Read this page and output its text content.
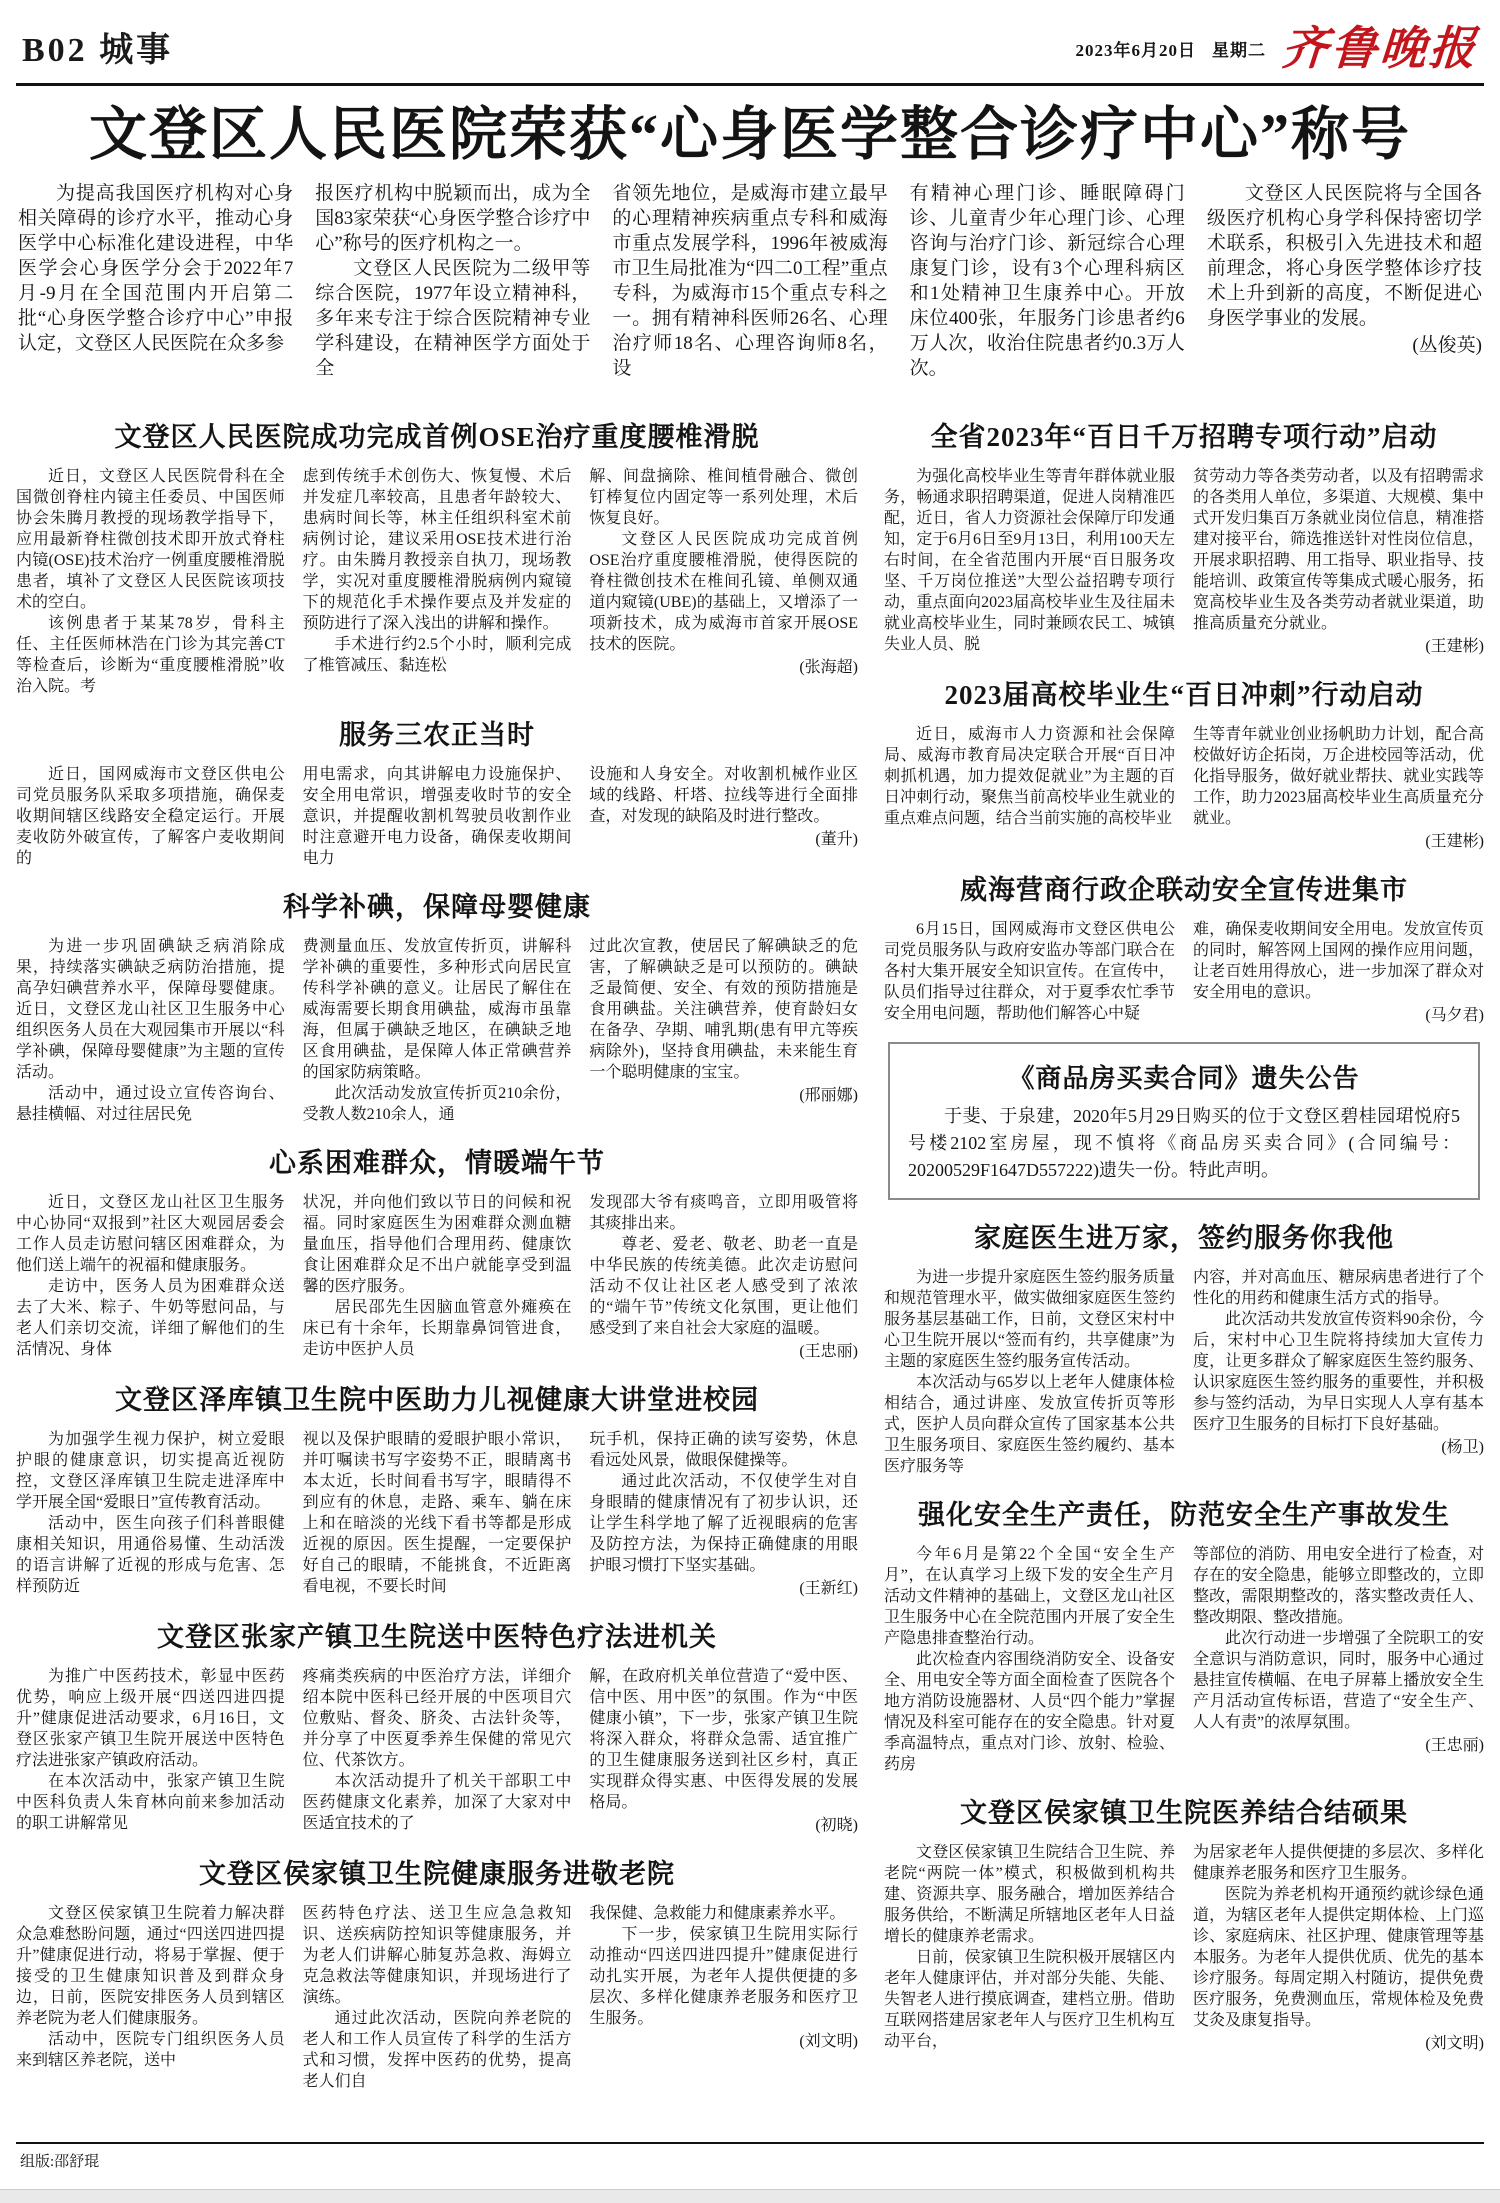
B02 城事	2023年6月20日 星期二 齐鲁晚报
文登区人民医院荣获“心身医学整合诊疗中心”称号

为提高我国医疗机构对心身相关障碍的诊疗水平，推动心身医学中心标准化建设进程，中华医学会心身医学分会于2022年7月-9月在全国范围内开启第二批“心身医学整合诊疗中心”申报认定，文登区人民医院在众多参

报医疗机构中脱颖而出，成为全国83家荣获“心身医学整合诊疗中心”称号的医疗机构之一。

文登区人民医院为二级甲等综合医院，1977年设立精神科，多年来专注于综合医院精神专业学科建设，在精神医学方面处于全

省领先地位，是威海市建立最早的心理精神疾病重点专科和威海市重点发展学科，1996年被威海市卫生局批准为“四二0工程”重点专科，为威海市15个重点专科之一。拥有精神科医师26名、心理治疗师18名、心理咨询师8名，设

有精神心理门诊、睡眠障碍门诊、儿童青少年心理门诊、心理咨询与治疗门诊、新冠综合心理康复门诊，设有3个心理科病区和1处精神卫生康养中心。开放床位400张，年服务门诊患者约6万人次，收治住院患者约0.3万人次。

文登区人民医院将与全国各级医疗机构心身学科保持密切学术联系，积极引入先进技术和超前理念，将心身医学整体诊疗技术上升到新的高度，不断促进心身医学事业的发展。

(丛俊英)
文登区人民医院成功完成首例OSE治疗重度腰椎滑脱

近日，文登区人民医院骨科在全国微创脊柱内镜主任委员、中国医师协会朱腾月教授的现场教学指导下，应用最新脊柱微创技术即开放式脊柱内镜(OSE)技术治疗一例重度腰椎滑脱患者，填补了文登区人民医院该项技术的空白。

该例患者于某某78岁，骨科主任、主任医师林浩在门诊为其完善CT等检查后，诊断为“重度腰椎滑脱”收治入院。考

虑到传统手术创伤大、恢复慢、术后并发症几率较高，且患者年龄较大、患病时间长等，林主任组织科室术前病例讨论，建议采用OSE技术进行治疗。由朱腾月教授亲自执刀，现场教学，实况对重度腰椎滑脱病例内窥镜下的规范化手术操作要点及并发症的预防进行了深入浅出的讲解和操作。

手术进行约2.5个小时，顺利完成了椎管减压、黏连松

解、间盘摘除、椎间植骨融合、微创钉棒复位内固定等一系列处理，术后恢复良好。

文登区人民医院成功完成首例OSE治疗重度腰椎滑脱，使得医院的脊柱微创技术在椎间孔镜、单侧双通道内窥镜(UBE)的基础上，又增添了一项新技术，成为威海市首家开展OSE技术的医院。

(张海超)
服务三农正当时

近日，国网威海市文登区供电公司党员服务队采取多项措施，确保麦收期间辖区线路安全稳定运行。开展麦收防外破宣传，了解客户麦收期间的

用电需求，向其讲解电力设施保护、安全用电常识，增强麦收时节的安全意识，并提醒收割机驾驶员收割作业时注意避开电力设备，确保麦收期间电力

设施和人身安全。对收割机械作业区域的线路、杆塔、拉线等进行全面排查，对发现的缺陷及时进行整改。

(董升)
科学补碘，保障母婴健康

为进一步巩固碘缺乏病消除成果，持续落实碘缺乏病防治措施，提高孕妇碘营养水平，保障母婴健康。近日，文登区龙山社区卫生服务中心组织医务人员在大观园集市开展以“科学补碘，保障母婴健康”为主题的宣传活动。

活动中，通过设立宣传咨询台、悬挂横幅、对过往居民免

费测量血压、发放宣传折页，讲解科学补碘的重要性，多种形式向居民宣传科学补碘的意义。让居民了解住在威海需要长期食用碘盐，威海市虽靠海，但属于碘缺乏地区，在碘缺乏地区食用碘盐，是保障人体正常碘营养的国家防病策略。

此次活动发放宣传折页210余份，受教人数210余人，通

过此次宣教，使居民了解碘缺乏的危害，了解碘缺乏是可以预防的。碘缺乏最简便、安全、有效的预防措施是食用碘盐。关注碘营养，使育龄妇女在备孕、孕期、哺乳期(患有甲亢等疾病除外)，坚持食用碘盐，未来能生育一个聪明健康的宝宝。

(邢丽娜)
心系困难群众，情暖端午节

近日，文登区龙山社区卫生服务中心协同“双报到”社区大观园居委会工作人员走访慰问辖区困难群众，为他们送上端午的祝福和健康服务。

走访中，医务人员为困难群众送去了大米、粽子、牛奶等慰问品，与老人们亲切交流，详细了解他们的生活情况、身体

状况，并向他们致以节日的问候和祝福。同时家庭医生为困难群众测血糖量血压，指导他们合理用药、健康饮食让困难群众足不出户就能享受到温馨的医疗服务。

居民邵先生因脑血管意外瘫痪在床已有十余年，长期靠鼻饲管进食，走访中医护人员

发现邵大爷有痰鸣音，立即用吸管将其痰排出来。

尊老、爱老、敬老、助老一直是中华民族的传统美德。此次走访慰问活动不仅让社区老人感受到了浓浓的“端午节”传统文化氛围，更让他们感受到了来自社会大家庭的温暖。

(王忠丽)
文登区泽库镇卫生院中医助力儿视健康大讲堂进校园

为加强学生视力保护，树立爱眼护眼的健康意识，切实提高近视防控，文登区泽库镇卫生院走进泽库中学开展全国“爱眼日”宣传教育活动。

活动中，医生向孩子们科普眼健康相关知识，用通俗易懂、生动活泼的语言讲解了近视的形成与危害、怎样预防近

视以及保护眼睛的爱眼护眼小常识，并叮嘱读书写字姿势不正，眼睛离书本太近，长时间看书写字，眼睛得不到应有的休息，走路、乘车、躺在床上和在暗淡的光线下看书等都是形成近视的原因。医生提醒，一定要保护好自己的眼睛，不能挑食，不近距离看电视，不要长时间

玩手机，保持正确的读写姿势，休息看远处风景，做眼保健操等。

通过此次活动，不仅使学生对自身眼睛的健康情况有了初步认识，还让学生科学地了解了近视眼病的危害及防控方法，为保持正确健康的用眼护眼习惯打下坚实基础。

(王新红)
文登区张家产镇卫生院送中医特色疗法进机关

为推广中医药技术，彰显中医药优势，响应上级开展“四送四进四提升”健康促进活动要求，6月16日，文登区张家产镇卫生院开展送中医特色疗法进张家产镇政府活动。

在本次活动中，张家产镇卫生院中医科负责人朱育林向前来参加活动的职工讲解常见

疼痛类疾病的中医治疗方法，详细介绍本院中医科已经开展的中医项目穴位敷贴、督灸、脐灸、古法针灸等，并分享了中医夏季养生保健的常见穴位、代茶饮方。

本次活动提升了机关干部职工中医药健康文化素养，加深了大家对中医适宜技术的了

解，在政府机关单位营造了“爱中医、信中医、用中医”的氛围。作为“中医健康小镇”，下一步，张家产镇卫生院将深入群众，将群众急需、适宜推广的卫生健康服务送到社区乡村，真正实现群众得实惠、中医得发展的发展格局。

(初晓)
文登区侯家镇卫生院健康服务进敬老院

文登区侯家镇卫生院着力解决群众急难愁盼问题，通过“四送四进四提升”健康促进行动，将易于掌握、便于接受的卫生健康知识普及到群众身边，日前，医院安排医务人员到辖区养老院为老人们健康服务。

活动中，医院专门组织医务人员来到辖区养老院，送中

医药特色疗法、送卫生应急急救知识、送疾病防控知识等健康服务，并为老人们讲解心肺复苏急救、海姆立克急救法等健康知识，并现场进行了演练。

通过此次活动，医院向养老院的老人和工作人员宣传了科学的生活方式和习惯，发挥中医药的优势，提高老人们自

我保健、急救能力和健康素养水平。

下一步，侯家镇卫生院用实际行动推动“四送四进四提升”健康促进行动扎实开展，为老年人提供便捷的多层次、多样化健康养老服务和医疗卫生服务。

(刘文明)
全省2023年“百日千万招聘专项行动”启动

为强化高校毕业生等青年群体就业服务，畅通求职招聘渠道，促进人岗精准匹配，近日，省人力资源社会保障厅印发通知，定于6月6日至9月13日，利用100天左右时间，在全省范围内开展“百日服务攻坚、千万岗位推送”大型公益招聘专项行动，重点面向2023届高校毕业生及往届未就业高校毕业生，同时兼顾农民工、城镇失业人员、脱

贫劳动力等各类劳动者，以及有招聘需求的各类用人单位，多渠道、大规模、集中式开发归集百万条就业岗位信息，精准搭建对接平台，筛选推送针对性岗位信息，开展求职招聘、用工指导、职业指导、技能培训、政策宣传等集成式暖心服务，拓宽高校毕业生及各类劳动者就业渠道，助推高质量充分就业。

(王建彬)
2023届高校毕业生“百日冲刺”行动启动

近日，威海市人力资源和社会保障局、威海市教育局决定联合开展“百日冲刺抓机遇，加力提效促就业”为主题的百日冲刺行动，聚焦当前高校毕业生就业的重点难点问题，结合当前实施的高校毕业

生等青年就业创业扬帆助力计划，配合高校做好访企拓岗，万企进校园等活动，优化指导服务，做好就业帮扶、就业实践等工作，助力2023届高校毕业生高质量充分就业。

(王建彬)
威海营商行政企联动安全宣传进集市

6月15日，国网威海市文登区供电公司党员服务队与政府安监办等部门联合在各村大集开展安全知识宣传。在宣传中，队员们指导过往群众，对于夏季农忙季节安全用电问题，帮助他们解答心中疑

难，确保麦收期间安全用电。发放宣传页的同时，解答网上国网的操作应用问题，让老百姓用得放心，进一步加深了群众对安全用电的意识。

(马夕君)
《商品房买卖合同》遗失公告

于斐、于泉建，2020年5月29日购买的位于文登区碧桂园珺悦府5号楼2102室房屋，现不慎将《商品房买卖合同》(合同编号：20200529F1647D557222)遗失一份。特此声明。

家庭医生进万家，签约服务你我他

为进一步提升家庭医生签约服务质量和规范管理水平，做实做细家庭医生签约服务基层基础工作，日前，文登区宋村中心卫生院开展以“签而有约，共享健康”为主题的家庭医生签约服务宣传活动。

本次活动与65岁以上老年人健康体检相结合，通过讲座、发放宣传折页等形式，医护人员向群众宣传了国家基本公共卫生服务项目、家庭医生签约履约、基本医疗服务等

内容，并对高血压、糖尿病患者进行了个性化的用药和健康生活方式的指导。

此次活动共发放宣传资料90余份，今后，宋村中心卫生院将持续加大宣传力度，让更多群众了解家庭医生签约服务、认识家庭医生签约服务的重要性，并积极参与签约活动，为早日实现人人享有基本医疗卫生服务的目标打下良好基础。

(杨卫)
强化安全生产责任，防范安全生产事故发生

今年6月是第22个全国“安全生产月”，在认真学习上级下发的安全生产月活动文件精神的基础上，文登区龙山社区卫生服务中心在全院范围内开展了安全生产隐患排查整治行动。

此次检查内容围绕消防安全、设备安全、用电安全等方面全面检查了医院各个地方消防设施器材、人员“四个能力”掌握情况及科室可能存在的安全隐患。针对夏季高温特点，重点对门诊、放射、检验、药房

等部位的消防、用电安全进行了检查，对存在的安全隐患，能够立即整改的，立即整改，需限期整改的，落实整改责任人、整改期限、整改措施。

此次行动进一步增强了全院职工的安全意识与消防意识，同时，服务中心通过悬挂宣传横幅、在电子屏幕上播放安全生产月活动宣传标语，营造了“安全生产、人人有责”的浓厚氛围。

(王忠丽)
文登区侯家镇卫生院医养结合结硕果

文登区侯家镇卫生院结合卫生院、养老院“两院一体”模式，积极做到机构共建、资源共享、服务融合，增加医养结合服务供给，不断满足所辖地区老年人日益增长的健康养老需求。

日前，侯家镇卫生院积极开展辖区内老年人健康评估，并对部分失能、失能、失智老人进行摸底调查，建档立册。借助互联网搭建居家老年人与医疗卫生机构互动平台，

为居家老年人提供便捷的多层次、多样化健康养老服务和医疗卫生服务。

医院为养老机构开通预约就诊绿色通道，为辖区老年人提供定期体检、上门巡诊、家庭病床、社区护理、健康管理等基本服务。为老年人提供优质、优先的基本诊疗服务。每周定期入村随访，提供免费医疗服务，免费测血压，常规体检及免费艾灸及康复指导。

(刘文明)
组版:邵舒琨
